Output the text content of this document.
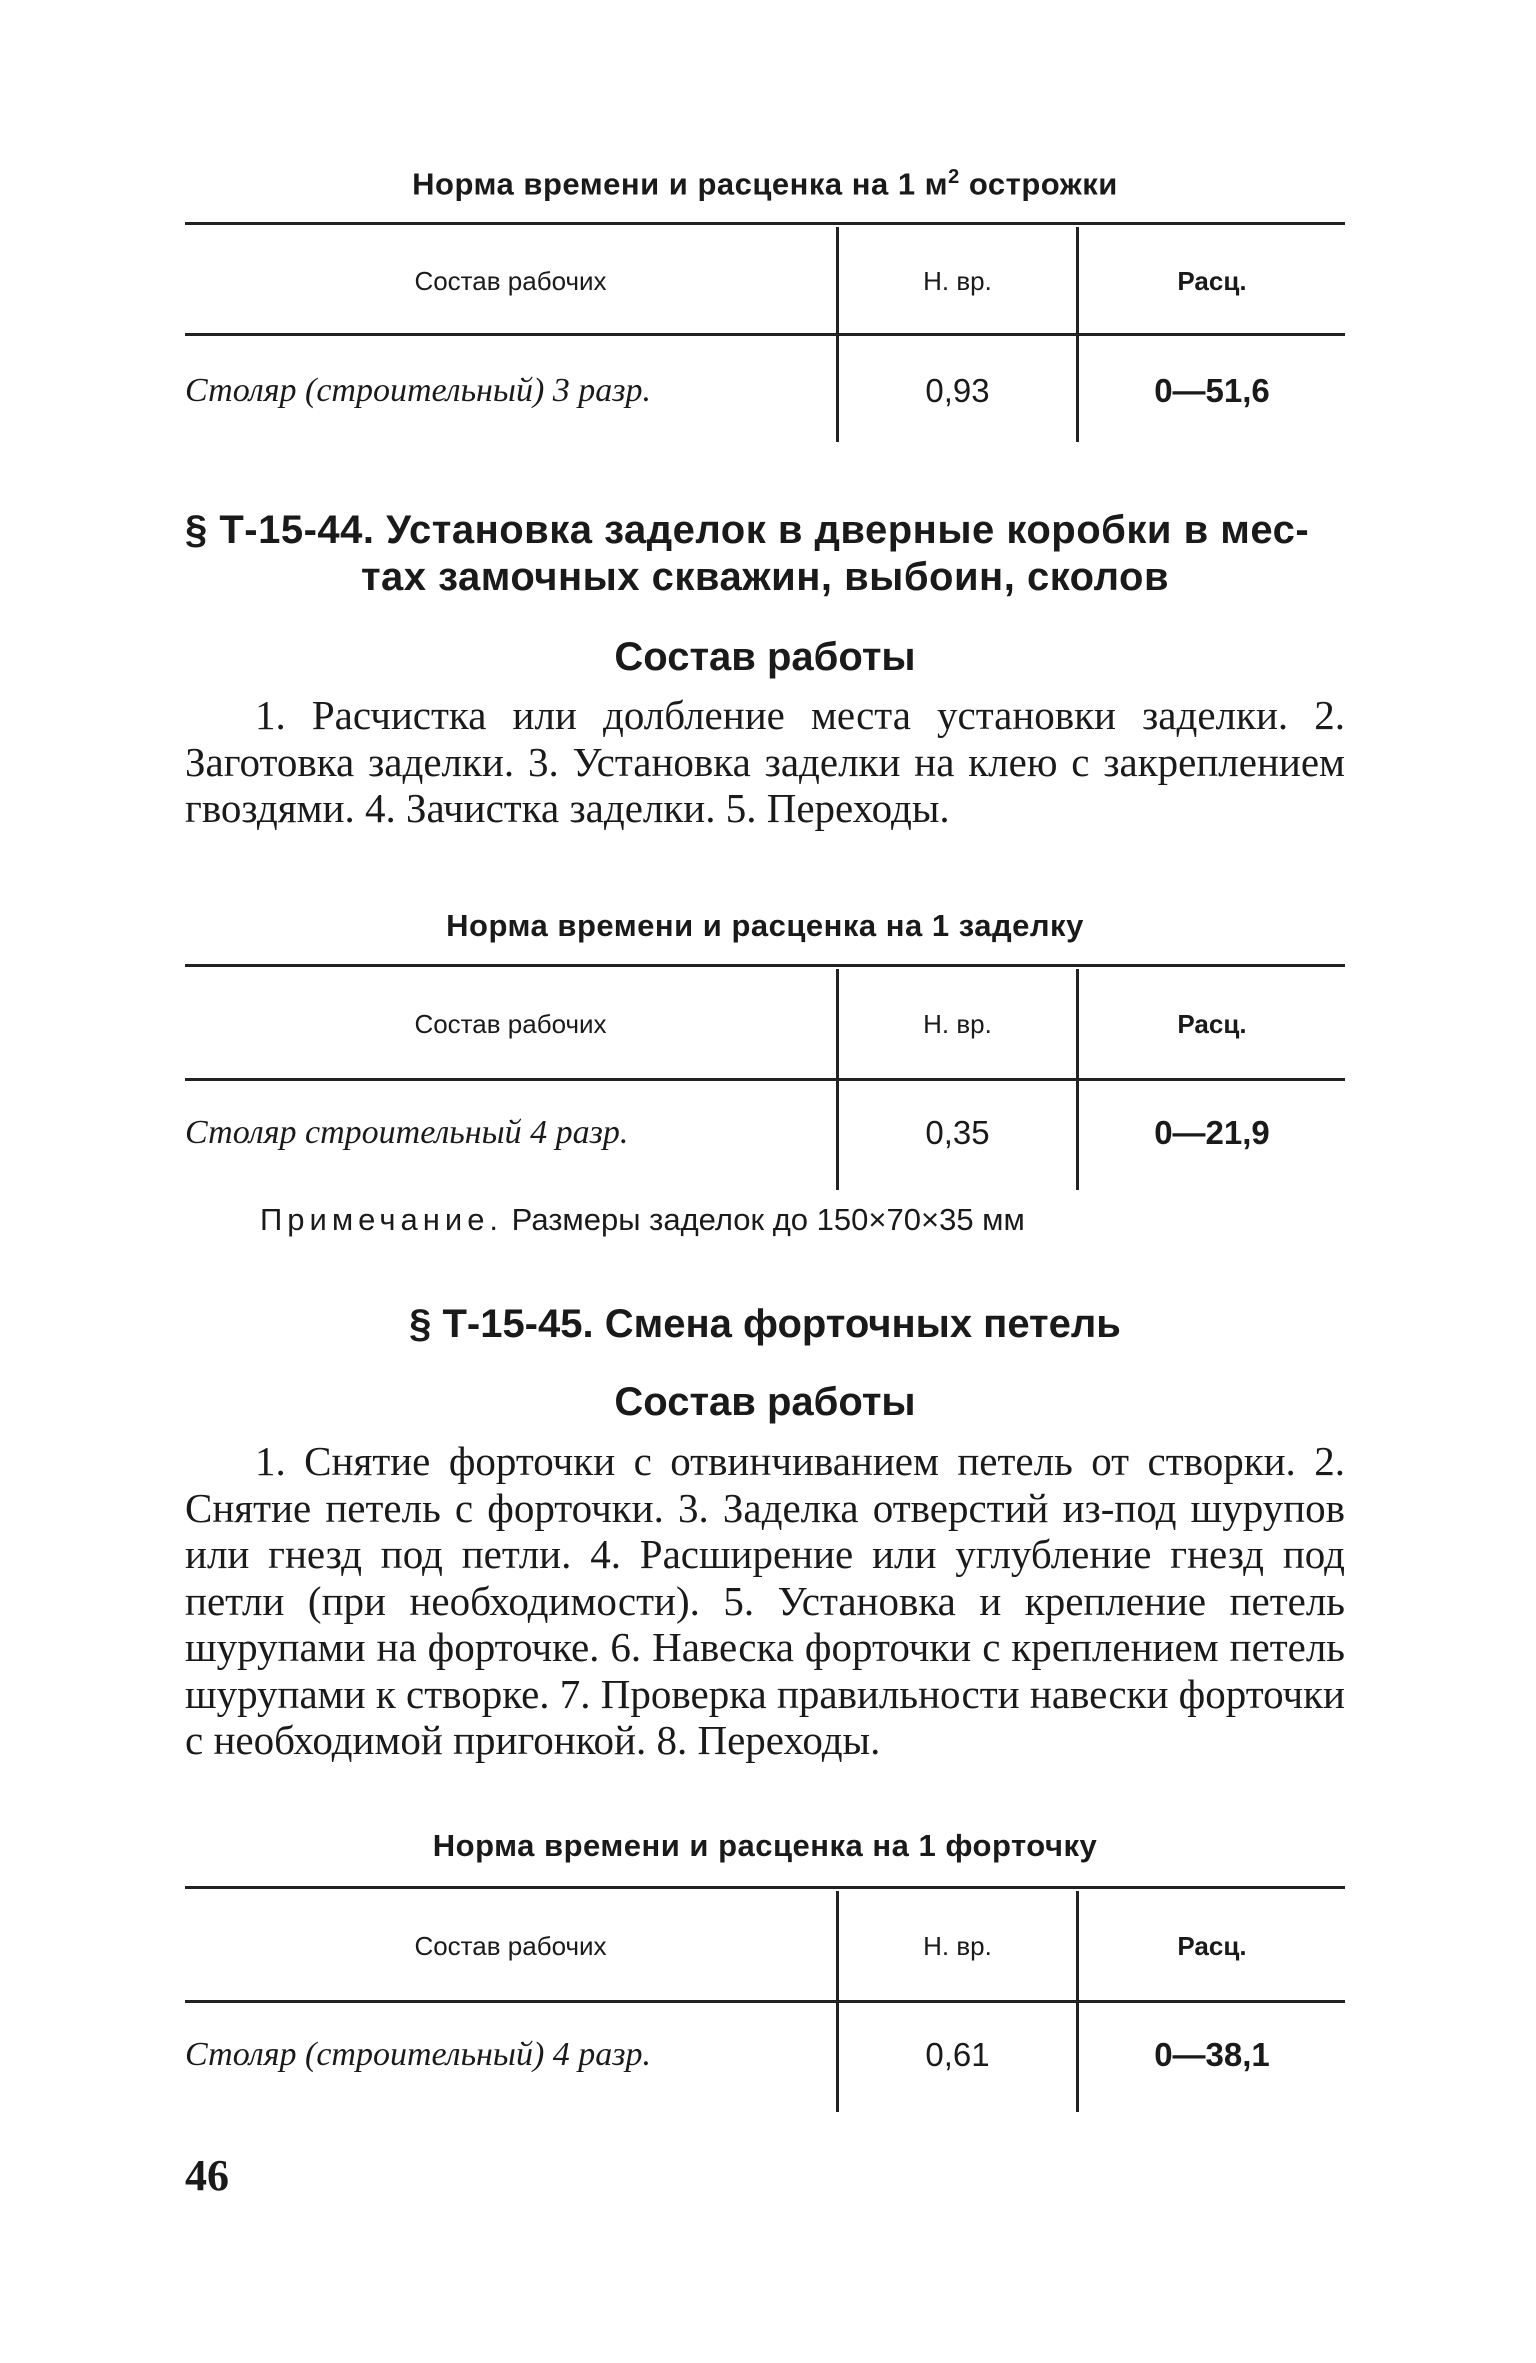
Норма времени и расценка на 1 $м^2$ острожки
Состав рабочих	Н. вр.	Расц.
Столяр (строительный) 3 разр.	0,93	0—51,6
§ Т-15-44. Установка заделок в дверные коробки в мес-
тах замочных скважин, выбоин, сколов
Состав работы
1. Расчистка или долбление места установки заделки. 2. Заготовка заделки. 3. Установка заделки на клею с закреплением гвоздями. 4. Зачистка заделки. 5. Переходы.
Норма времени и расценка на 1 заделку
Состав рабочих	Н. вр.	Расц.
Столяр строительный 4 разр.	0,35	0—21,9
Примечание. Размеры заделок до 150×70×35 мм
§ Т-15-45. Смена форточных петель
Состав работы
1. Снятие форточки с отвинчиванием петель от створки. 2. Снятие петель с форточки. 3. Заделка отверстий из-под шурупов или гнезд под петли. 4. Расширение или углубление гнезд под петли (при необходимости). 5. Установка и крепление петель шурупами на форточке. 6. Навеска форточки с креплением петель шурупами к створке. 7. Проверка правильности навески форточки с необходимой пригонкой. 8. Переходы.
Норма времени и расценка на 1 форточку
Состав рабочих	Н. вр.	Расц.
Столяр (строительный) 4 разр.	0,61	0—38,1
46
